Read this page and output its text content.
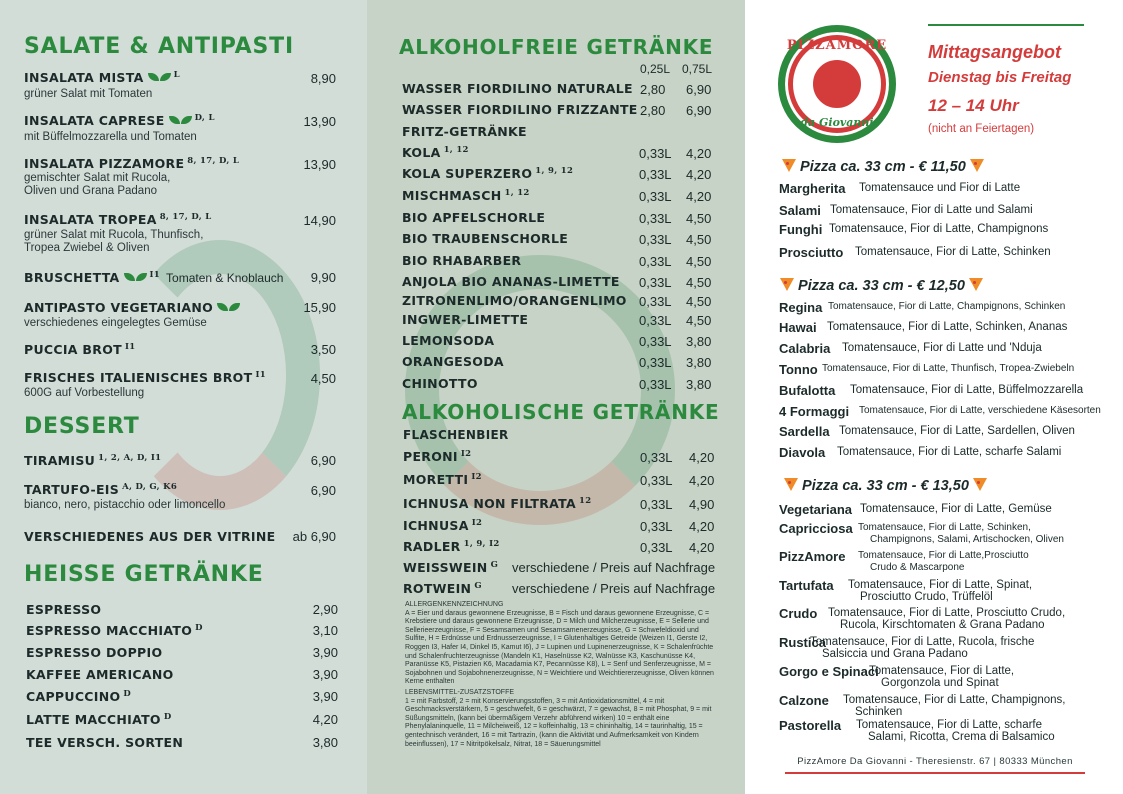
SALATE & ANTIPASTI
INSALATA MISTA	$^L$	8,90
grüner Salat mit Tomaten
INSALATA CAPRESE	$^{D, L}$	13,90
mit Büffelmozzarella und Tomaten
INSALATA PIZZAMORE $^{8, 17, D, L}$	13,90
gemischter Salat mit Rucola,
Oliven und Grana Padano
INSALATA TROPEA $^{8, 17, D, L}$	14,90
grüner Salat mit Rucola, Thunfisch,
Tropea Zwiebel & Oliven
BRUSCHETTA	$^{I1}$ Tomaten & Knoblauch	9,90
ANTIPASTO VEGETARIANO	15,90
verschiedenes eingelegtes Gemüse
PUCCIA BROT $^{I1}$	3,50
FRISCHES ITALIENISCHES BROT $^{I1}$	4,50
600G auf Vorbestellung
DESSERT
TIRAMISU $^{1, 2, A, D, I1}$	6,90
TARTUFO-EIS $^{A, D, G, K6}$	6,90
bianco, nero, pistacchio oder limoncello
VERSCHIEDENES AUS DER VITRINE	ab 6,90
HEISSE GETRÄNKE
ESPRESSO	2,90
ESPRESSO MACCHIATO $^D$	3,10
ESPRESSO DOPPIO	3,90
KAFFEE AMERICANO	3,90
CAPPUCCINO $^D$	3,90
LATTE MACCHIATO $^D$	4,20
TEE VERSCH. SORTEN	3,80
ALKOHOLFREIE GETRÄNKE
0,25L 0,75L
WASSER FIORDILINO NATURALE 2,80	6,90
WASSER FIORDILINO FRIZZANTE 2,80	6,90
FRITZ-GETRÄNKE
KOLA $^{1, 12}$	0,33L 4,20
KOLA SUPERZERO $^{1, 9, 12}$	0,33L 4,20
MISCHMASCH $^{1, 12}$	0,33L 4,20
BIO APFELSCHORLE	0,33L 4,50
BIO TRAUBENSCHORLE	0,33L 4,50
BIO RHABARBER	0,33L 4,50
ANJOLA BIO ANANAS-LIMETTE 0,33L 4,50
ZITRONENLIMO/ORANGENLIMO 0,33L 4,50
INGWER-LIMETTE	0,33L 4,50
LEMONSODA	0,33L 3,80
ORANGESODA	0,33L 3,80
CHINOTTO	0,33L 3,80
ALKOHOLISCHE GETRÄNKE
FLASCHENBIER
PERONI $^{I2}$	0,33L 4,20
MORETTI $^{I2}$	0,33L 4,20
ICHNUSA NON FILTRATA $^{12}$	0,33L 4,90
ICHNUSA $^{I2}$	0,33L 4,20
RADLER $^{1, 9, I2}$	0,33L 4,20
WEISSWEIN $^G$ verschiedene / Preis auf Nachfrage
ROTWEIN $^G$ verschiedene / Preis auf Nachfrage

ALLERGENKENNZEICHNUNG
A = Eier und daraus gewonnene Erzeugnisse, B = Fisch und daraus gewonnene Erzeugnisse, C = Krebstiere und daraus gewonnene Erzeugnisse, D = Milch und Milcherzeugnisse, E = Sellerie und Selleriеerzeugnisse, F = Sesamsamen und Sesamsamenerzeugnisse, G = Schwefeldioxid und Sulfite, H = Erdnüsse und Erdnusserzeugnisse, I = Glutenhaltiges Getreide (Weizen I1, Gerste I2, Roggen I3, Hafer I4, Dinkel I5, Kamut I6), J = Lupinen und Lupinenerzeugnisse, K = Schalenfrüchte und Schalenfruchterzeugnisse (Mandeln K1, Haselnüsse K2, Walnüsse K3, Kaschunüsse K4, Paranüsse K5, Pistazien K6, Macadamia K7, Pecannüsse K8), L = Senf und Senferzeugnisse, M = Sojabohnen und Sojabohnenerzeugnisse, N = Weichtiere und Weichtiererzeugnisse, Oliven können Kerne enthalten

LEBENSMITTEL-ZUSATZSTOFFE
1 = mit Farbstoff, 2 = mit Konservierungsstoffen, 3 = mit Antioxidationsmittel, 4 = mit Geschmacksverstärkern, 5 = geschwefelt, 6 = geschwärzt, 7 = gewachst, 8 = mit Phosphat, 9 = mit Süßungsmitteln, (kann bei übermäßigem Verzehr abführend wirken) 10 = enthält eine Phenylalaninquelle, 11 = Milcheiweiß, 12 = koffeinhaltig, 13 = chininhaltig, 14 = taurinhaltig, 15 = gentechnisch verändert, 16 = mit Tartrazin, (kann die Aktivität und Aufmerksamkeit von Kindern beeinflussen), 17 = Nitritpökelsalz, Nitrat, 18 = Säuerungsmittel

PIZZAMORE
da Giovanni
Mittagsangebot
Dienstag bis Freitag
12 – 14 Uhr
(nicht an Feiertagen)
Pizza ca. 33 cm - € 11,50
Margherita Tomatensauce und Fior di Latte
Salami Tomatensauce, Fior di Latte und Salami
Funghi Tomatensauce, Fior di Latte, Champignons
Prosciutto Tomatensauce, Fior di Latte, Schinken
Pizza ca. 33 cm - € 12,50
Regina Tomatensauce, Fior di Latte, Champignons, Schinken
Hawai Tomatensauce, Fior di Latte, Schinken, Ananas
Calabria Tomatensauce, Fior di Latte und 'Nduja
Tonno Tomatensauce, Fior di Latte, Thunfisch, Tropea-Zwiebeln
Bufalotta Tomatensauce, Fior di Latte, Büffelmozzarella
4 Formaggi Tomatensauce, Fior di Latte, verschiedene Käsesorten
Sardella Tomatensauce, Fior di Latte, Sardellen, Oliven
Diavola Tomatensauce, Fior di Latte, scharfe Salami
Pizza ca. 33 cm - € 13,50
Vegetariana Tomatensauce, Fior di Latte, Gemüse
Capricciosa Tomatensauce, Fior di Latte, Schinken,
Champignons, Salami, Artischocken, Oliven
PizzAmore Tomatensauce, Fior di Latte,Prosciutto
Crudo & Mascarpone
Tartufata Tomatensauce, Fior di Latte, Spinat,
Prosciutto Crudo, Trüffelöl
Crudo Tomatensauce, Fior di Latte, Prosciutto Crudo,
Rucola, Kirschtomaten & Grana Padano
Rustica
Tomatensauce, Fior di Latte, Rucola, frische
Salsiccia und Grana Padano
Gorgo e Spinaci
Tomatensauce, Fior di Latte,
Gorgonzola und Spinat
Calzone Tomatensauce, Fior di Latte, Champignons,
Schinken
Pastorella Tomatensauce, Fior di Latte, scharfe
Salami, Ricotta, Crema di Balsamico
PizzAmore Da Giovanni - Theresienstr. 67 | 80333 München
